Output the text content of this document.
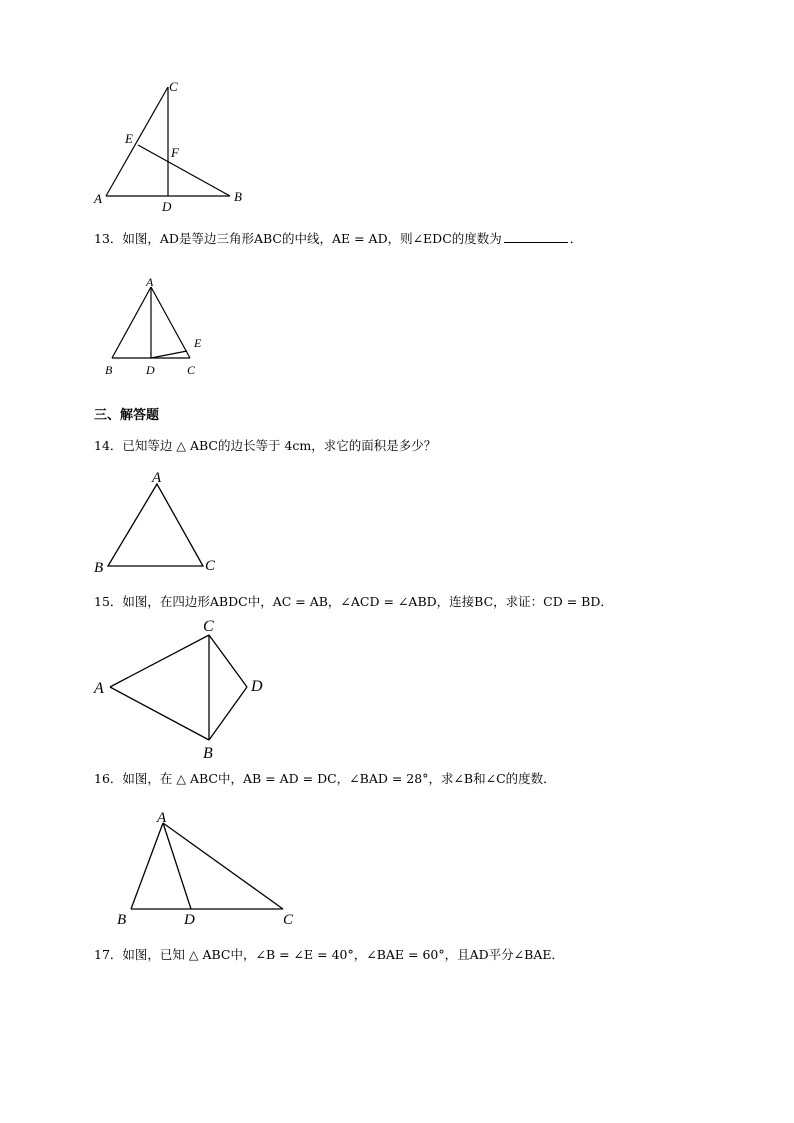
C
E
F
A
D
B
13．如图，AD是等边三角形ABC的中线，AE = AD，则∠EDC的度数为	．
A
E
B	D	C
三、解答题
14．已知等边 △ ABC的边长等于 4cm，求它的面积是多少？
A
B	C
15．如图，在四边形ABDC中，AC = AB，∠ACD = ∠ABD，连接BC，求证：CD = BD．
C
A	D
B
16．如图，在 △ ABC中，AB = AD = DC，∠BAD = 28°，求∠B和∠C的度数．
A
B	D	C
17．如图，已知 △ ABC中，∠B = ∠E = 40°，∠BAE = 60°，且AD平分∠BAE．
